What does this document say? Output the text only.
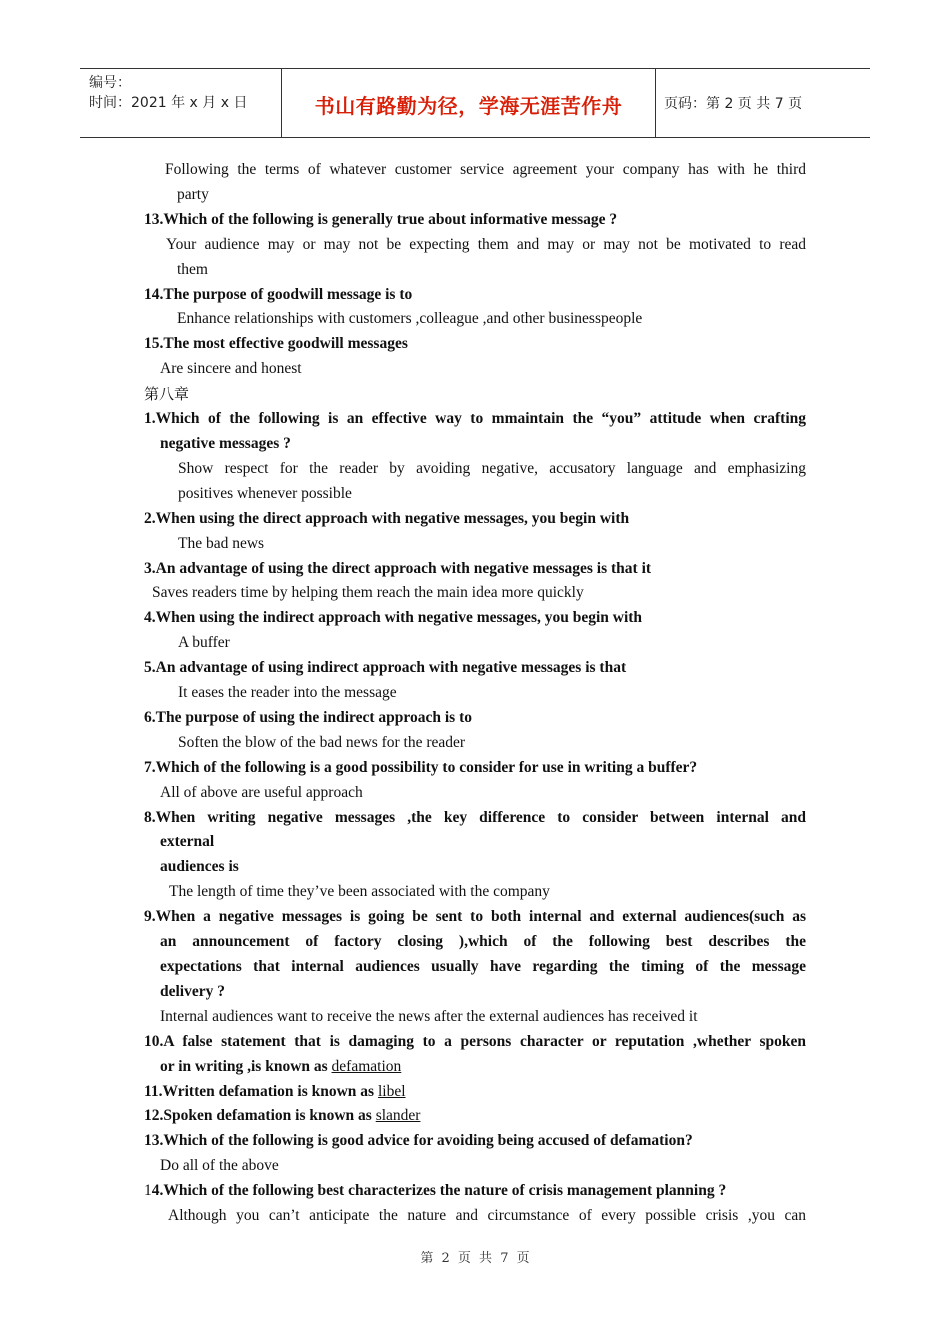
编号：
时间：2021 年 x 月 x 日	书山有路勤为径，学海无涯苦作舟	页码：第 2 页 共 7 页
Following the terms of whatever customer service agreement your company has with he third
party
13.Which of the following is generally true about informative message ?
Your audience may or may not be expecting them and may or may not be motivated to read
them
14.The purpose of goodwill message is to
Enhance relationships with customers ,colleague ,and other businesspeople
15.The most effective goodwill messages
Are sincere and honest
第八章
1.Which of the following is an effective way to mmaintain the “you” attitude when crafting
negative messages ?
Show respect for the reader by avoiding negative, accusatory language and emphasizing
positives whenever possible
2.When using the direct approach with negative messages, you begin with
The bad news
3.An advantage of using the direct approach with negative messages is that it
Saves readers time by helping them reach the main idea more quickly
4.When using the indirect approach with negative messages, you begin with
A buffer
5.An advantage of using indirect approach with negative messages is that
It eases the reader into the message
6.The purpose of using the indirect approach is to
Soften the blow of the bad news for the reader
7.Which of the following is a good possibility to consider for use in writing a buffer?
All of above are useful approach
8.When writing negative messages ,the key difference to consider between internal and
external
audiences is
The length of time they’ve been associated with the company
9.When a negative messages is going be sent to both internal and external audiences(such as
an announcement of factory closing ),which of the following best describes the
expectations that internal audiences usually have regarding the timing of the message
delivery ?
Internal audiences want to receive the news after the external audiences has received it
10.A false statement that is damaging to a persons character or reputation ,whether spoken
or in writing ,is known as defamation
11.Written defamation is known as libel
12.Spoken defamation is known as slander
13.Which of the following is good advice for avoiding being accused of defamation?
Do all of the above
14.Which of the following best characterizes the nature of crisis management planning ?
Although you can’t anticipate the nature and circumstance of every possible crisis ,you can
第 2 页 共 7 页
